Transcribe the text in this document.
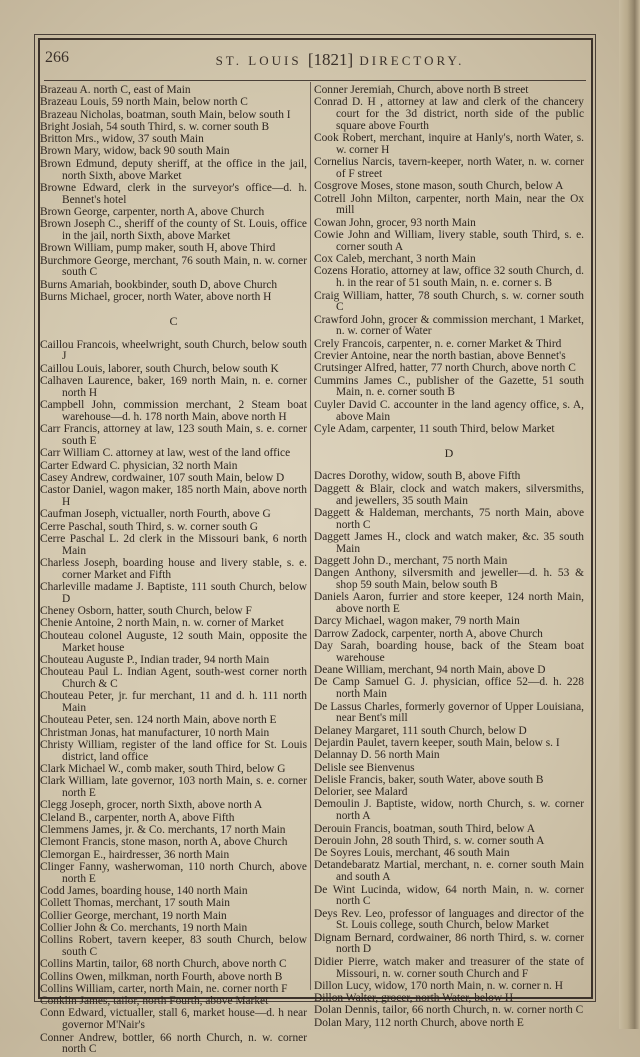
266	ST. LOUIS [1821] DIRECTORY.
Brazeau A. north C, east of Main
Brazeau Louis, 59 north Main, below north C
Brazeau Nicholas, boatman, south Main, below south I
Bright Josiah, 54 south Third, s. w. corner south B
Britton Mrs., widow, 37 south Main
Brown Mary, widow, back 90 south Main
Brown Edmund, deputy sheriff, at the office in the jail, north Sixth, above Market
Browne Edward, clerk in the surveyor's office—d. h. Bennet's hotel
Brown George, carpenter, north A, above Church
Brown Joseph C., sheriff of the county of St. Louis, office in the jail, north Sixth, above Market
Brown William, pump maker, south H, above Third
Burchmore George, merchant, 76 south Main, n. w. corner south C
Burns Amariah, bookbinder, south D, above Church
Burns Michael, grocer, north Water, above north H
C
Caillou Francois, wheelwright, south Church, below south J
Caillou Louis, laborer, south Church, below south K
Calhaven Laurence, baker, 169 north Main, n. e. corner north H
Campbell John, commission merchant, 2 Steam boat warehouse—d. h. 178 north Main, above north H
Carr Francis, attorney at law, 123 south Main, s. e. corner south E
Carr William C. attorney at law, west of the land office
Carter Edward C. physician, 32 north Main
Casey Andrew, cordwainer, 107 south Main, below D
Castor Daniel, wagon maker, 185 north Main, above north H
Caufman Joseph, victualler, north Fourth, above G
Cerre Paschal, south Third, s. w. corner south G
Cerre Paschal L. 2d clerk in the Missouri bank, 6 north Main
Charless Joseph, boarding house and livery stable, s. e. corner Market and Fifth
Charleville madame J. Baptiste, 111 south Church, below D
Cheney Osborn, hatter, south Church, below F
Chenie Antoine, 2 north Main, n. w. corner of Market
Chouteau colonel Auguste, 12 south Main, opposite the Market house
Chouteau Auguste P., Indian trader, 94 north Main
Chouteau Paul L. Indian Agent, south-west corner north Church & C
Chouteau Peter, jr. fur merchant, 11 and d. h. 111 north Main
Chouteau Peter, sen. 124 north Main, above north E
Christman Jonas, hat manufacturer, 10 north Main
Christy William, register of the land office for St. Louis district, land office
Clark Michael W., comb maker, south Third, below G
Clark William, late governor, 103 north Main, s. e. corner north E
Clegg Joseph, grocer, north Sixth, above north A
Cleland B., carpenter, north A, above Fifth
Clemmens James, jr. & Co. merchants, 17 north Main
Clemont Francis, stone mason, north A, above Church
Clemorgan E., hairdresser, 36 north Main
Clinger Fanny, washerwoman, 110 north Church, above north E
Codd James, boarding house, 140 north Main
Collett Thomas, merchant, 17 south Main
Collier George, merchant, 19 north Main
Collier John & Co. merchants, 19 north Main
Collins Robert, tavern keeper, 83 south Church, below south C
Collins Martin, tailor, 68 north Church, above north C
Collins Owen, milkman, north Fourth, above north B
Collins William, carter, north Main, ne. corner north F
Conklin James, tailor, north Fourth, above Market
Conn Edward, victualler, stall 6, market house—d. h near governor M'Nair's
Conner Andrew, bottler, 66 north Church, n. w. corner north C
Conner Jeremiah, Church, above north B street
Conrad D. H , attorney at law and clerk of the chancery court for the 3d district, north side of the public square above Fourth
Cook Robert, merchant, inquire at Hanly's, north Water, s. w. corner H
Cornelius Narcis, tavern-keeper, north Water, n. w. corner of F street
Cosgrove Moses, stone mason, south Church, below A
Cotrell John Milton, carpenter, north Main, near the Ox mill
Cowan John, grocer, 93 north Main
Cowie John and William, livery stable, south Third, s. e. corner south A
Cox Caleb, merchant, 3 north Main
Cozens Horatio, attorney at law, office 32 south Church, d. h. in the rear of 51 south Main, n. e. corner s. B
Craig William, hatter, 78 south Church, s. w. corner south C
Crawford John, grocer & commission merchant, 1 Market, n. w. corner of Water
Crely Francois, carpenter, n. e. corner Market & Third
Crevier Antoine, near the north bastian, above Bennet's
Crutsinger Alfred, hatter, 77 north Church, above north C
Cummins James C., publisher of the Gazette, 51 south Main, n. e. corner south B
Cuyler David C. accounter in the land agency office, s. A, above Main
Cyle Adam, carpenter, 11 south Third, below Market
D
Dacres Dorothy, widow, south B, above Fifth
Daggett & Blair, clock and watch makers, silversmiths, and jewellers, 35 south Main
Daggett & Haldeman, merchants, 75 north Main, above north C
Daggett James H., clock and watch maker, &c. 35 south Main
Daggett John D., merchant, 75 north Main
Dangen Anthony, silversmith and jeweller—d. h. 53 & shop 59 south Main, below south B
Daniels Aaron, furrier and store keeper, 124 north Main, above north E
Darcy Michael, wagon maker, 79 north Main
Darrow Zadock, carpenter, north A, above Church
Day Sarah, boarding house, back of the Steam boat warehouse
Deane William, merchant, 94 north Main, above D
De Camp Samuel G. J. physician, office 52—d. h. 228 north Main
De Lassus Charles, formerly governor of Upper Louisiana, near Bent's mill
Delaney Margaret, 111 south Church, below D
Dejardin Paulet, tavern keeper, south Main, below s. I
Delannay D. 56 north Main
Delisle see Bienvenus
Delisle Francis, baker, south Water, above south B
Delorier, see Malard
Demoulin J. Baptiste, widow, north Church, s. w. corner north A
Derouin Francis, boatman, south Third, below A
Derouin John, 28 south Third, s. w. corner south A
De Soyres Louis, merchant, 46 south Main
Detandebaratz Martial, merchant, n. e. corner south Main and south A
De Wint Lucinda, widow, 64 north Main, n. w. corner north C
Deys Rev. Leo, professor of languages and director of the St. Louis college, south Church, below Market
Dignam Bernard, cordwainer, 86 north Third, s. w. corner north D
Didier Pierre, watch maker and treasurer of the state of Missouri, n. w. corner south Church and F
Dillon Lucy, widow, 170 north Main, n. w. corner n. H
Dillon Walter, grocer, north Water, below H
Dolan Dennis, tailor, 66 north Church, n. w. corner north C
Dolan Mary, 112 north Church, above north E
